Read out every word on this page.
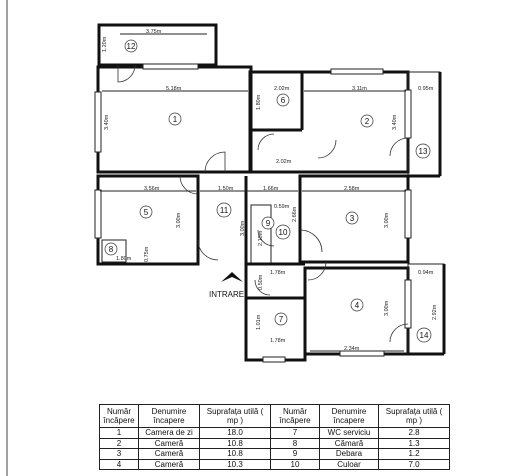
INTRARE
12
1
6
2
13
5	11
9
10
3
8
4
7
14
3.75m
1.20m
5.18m
3.40m
2.02m
1.80m
3.11m	0.95m
3.40m
2.02m
3.56m
3.00m
1.50m	1.66m	2.58m
0.59m 2.66m	3.00m
2.10m
3.00m
1.80m 0.75m
1.78m
0.50m
1.01m
1.78m
0.94m
3.00m	2.92m
2.34m
Număr încăpere	Denumire încapere	Suprafața utilă ( mp )	Număr încăpere	Denumire încapere	Suprafața utilă ( mp )
1	Camera de zi	18.0	7	WC serviciu	2.8
2	Cameră	10.8	8	Cămară	1.3
3	Cameră	10.8	9	Debara	1.2
4	Cameră	10.3	10	Culoar	7.0
